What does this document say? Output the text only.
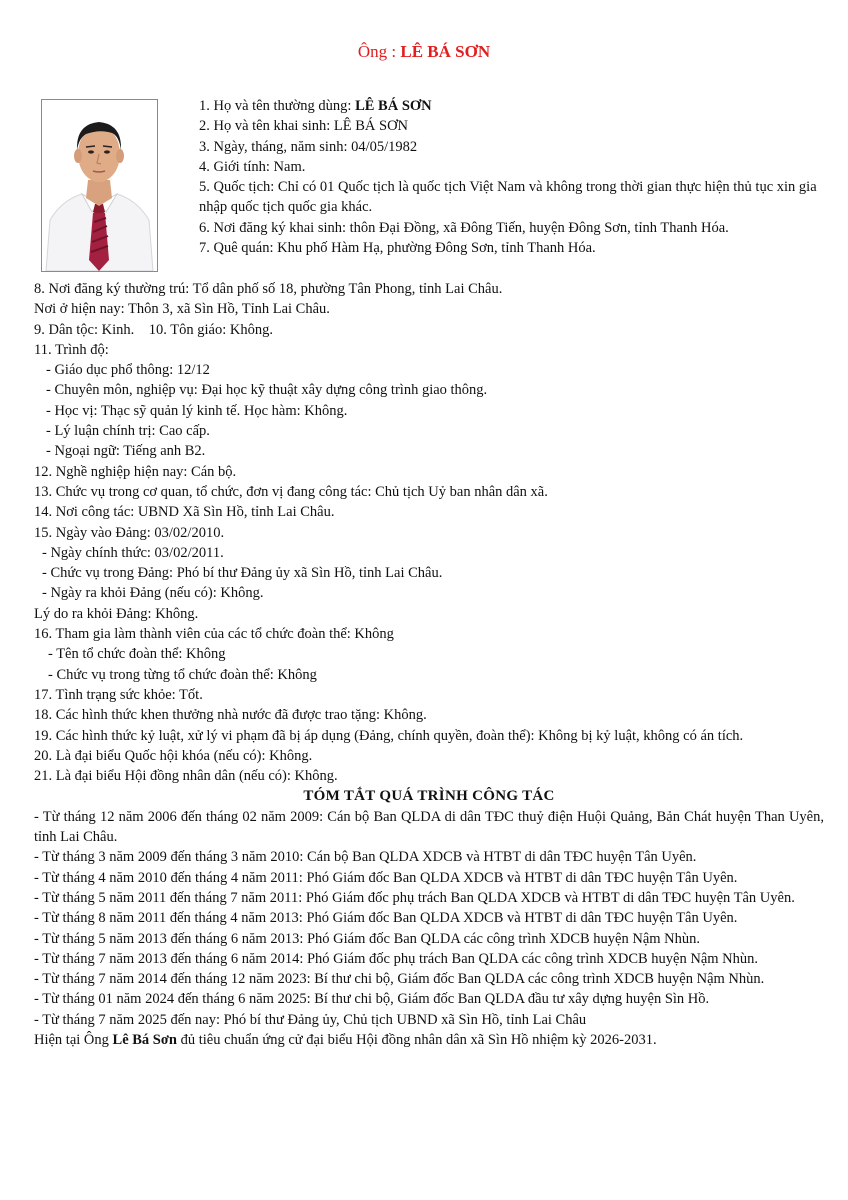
Ông : LÊ BÁ SƠN
1. Họ và tên thường dùng: LÊ BÁ SƠN
2. Họ và tên khai sinh: LÊ BÁ SƠN
3. Ngày, tháng, năm sinh: 04/05/1982
4. Giới tính: Nam.
5. Quốc tịch: Chỉ có 01 Quốc tịch là quốc tịch Việt Nam và không trong thời gian thực hiện thủ tục xin gia nhập quốc tịch quốc gia khác.
6. Nơi đăng ký khai sinh: thôn Đại Đồng, xã Đông Tiến, huyện Đông Sơn, tỉnh Thanh Hóa.
7. Quê quán: Khu phố Hàm Hạ, phường Đông Sơn, tỉnh Thanh Hóa.
8. Nơi đăng ký thường trú: Tổ dân phố số 18, phường Tân Phong, tỉnh Lai Châu.
Nơi ở hiện nay: Thôn 3, xã Sìn Hồ, Tỉnh Lai Châu.
9. Dân tộc: Kinh.    10. Tôn giáo: Không.
11. Trình độ:
- Giáo dục phổ thông: 12/12
- Chuyên môn, nghiệp vụ: Đại học kỹ thuật xây dựng công trình giao thông.
- Học vị: Thạc sỹ quản lý kinh tế. Học hàm: Không.
- Lý luận chính trị: Cao cấp.
- Ngoại ngữ: Tiếng anh B2.
12. Nghề nghiệp hiện nay: Cán bộ.
13. Chức vụ trong cơ quan, tổ chức, đơn vị đang công tác: Chủ tịch Uỷ ban nhân dân xã.
14. Nơi công tác: UBND Xã Sìn Hồ, tỉnh Lai Châu.
15. Ngày vào Đảng: 03/02/2010.
- Ngày chính thức: 03/02/2011.
- Chức vụ trong Đảng: Phó bí thư Đảng ủy xã Sìn Hồ, tỉnh Lai Châu.
- Ngày ra khỏi Đảng (nếu có): Không.
Lý do ra khỏi Đảng: Không.
16. Tham gia làm thành viên của các tổ chức đoàn thể: Không
- Tên tổ chức đoàn thể: Không
- Chức vụ trong từng tổ chức đoàn thể: Không
17. Tình trạng sức khỏe: Tốt.
18. Các hình thức khen thưởng nhà nước đã được trao tặng: Không.
19. Các hình thức kỷ luật, xử lý vi phạm đã bị áp dụng (Đảng, chính quyền, đoàn thể): Không bị kỷ luật, không có án tích.
20. Là đại biểu Quốc hội khóa (nếu có): Không.
21. Là đại biểu Hội đồng nhân dân (nếu có): Không.
TÓM TẮT QUÁ TRÌNH CÔNG TÁC
- Từ tháng 12 năm 2006 đến tháng 02 năm 2009: Cán bộ Ban QLDA di dân TĐC thuỷ điện Huội Quảng, Bản Chát huyện Than Uyên, tỉnh Lai Châu.
- Từ tháng 3 năm 2009 đến tháng 3 năm 2010: Cán bộ Ban QLDA XDCB và HTBT di dân TĐC huyện Tân Uyên.
- Từ tháng 4 năm 2010 đến tháng 4 năm 2011: Phó Giám đốc Ban QLDA XDCB và HTBT di dân TĐC huyện Tân Uyên.
- Từ tháng 5 năm 2011 đến tháng 7 năm 2011: Phó Giám đốc phụ trách Ban QLDA XDCB và HTBT di dân TĐC huyện Tân Uyên.
- Từ tháng 8 năm 2011 đến tháng 4 năm 2013: Phó Giám đốc Ban QLDA XDCB và HTBT di dân TĐC huyện Tân Uyên.
- Từ tháng 5 năm 2013 đến tháng 6 năm 2013: Phó Giám đốc Ban QLDA các công trình XDCB huyện Nậm Nhùn.
- Từ tháng 7 năm 2013 đến tháng 6 năm 2014: Phó Giám đốc phụ trách Ban QLDA các công trình XDCB huyện Nậm Nhùn.
- Từ tháng 7 năm 2014 đến tháng 12 năm 2023: Bí thư chi bộ, Giám đốc Ban QLDA các công trình XDCB huyện Nậm Nhùn.
- Từ tháng 01 năm 2024 đến tháng 6 năm 2025: Bí thư chi bộ, Giám đốc Ban QLDA đầu tư xây dựng huyện Sìn Hồ.
- Từ tháng 7 năm 2025 đến nay: Phó bí thư Đảng ủy, Chủ tịch UBND xã Sìn Hồ, tỉnh Lai Châu
Hiện tại Ông Lê Bá Sơn đủ tiêu chuẩn ứng cử đại biểu Hội đồng nhân dân xã Sìn Hồ nhiệm kỳ 2026-2031.
